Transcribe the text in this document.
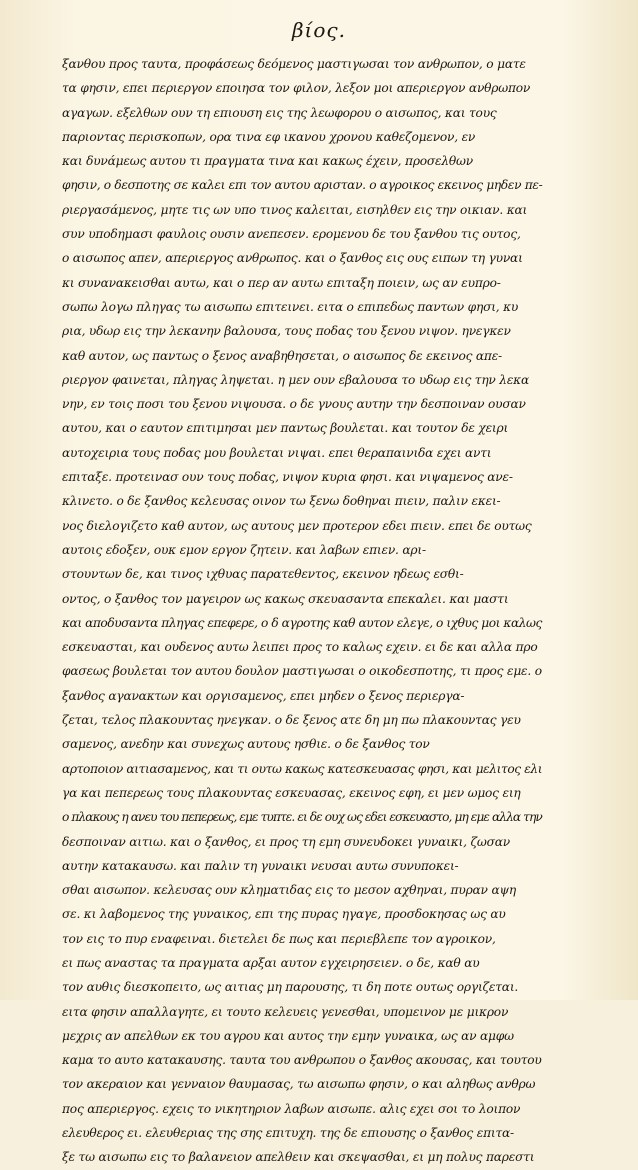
βίος.
ξανθου προς ταυτα, προφάσεως δεόμενος μαστιγωσαι τον ανθρωπον, ο ματε
τα φησιν, επει περιεργον εποιησα τον φιλον, λεξον μοι απεριεργον ανθρωπον
αγαγων. εξελθων ουν τη επιουση εις της λεωφορου ο αισωπος, και τους
παριοντας περισκοπων, ορα τινα εφ ικανου χρονου καθεζομενον, εν
και δυνάμεως αυτου τι πραγματα τινα και κακως έχειν, προσελθων
φησιν, ο δεσποτης σε καλει επι τον αυτου αρισταν. ο αγροικος εκεινος μηδεν πε-
ριεργασάμενος, μητε τις ων υπο τινος καλειται, εισηλθεν εις την οικιαν. και
συν υποδημασι φαυλοις ουσιν ανεπεσεν. ερομενου δε του ξανθου τις ουτος,
ο αισωπος απεν, απεριεργος ανθρωπος. και ο ξανθος εις ους ειπων τη γυναι
κι συνανακεισθαι αυτω, και ο περ αν αυτω επιταξη ποιειν, ως αν ευπρο-
σωπω λογω πληγας τω αισωπω επιτεινει. ειτα ο επιπεδως παντων φησι, κυ
ρια, υδωρ εις την λεκανην βαλουσα, τους ποδας του ξενου νιψον. ηνεγκεν
καθ αυτον, ως παντως ο ξενος αναβηθησεται, ο αισωπος δε εκεινος απε-
ριεργον φαινεται, πληγας ληψεται. η μεν ουν εβαλουσα το υδωρ εις την λεκα
νην, εν τοις ποσι του ξενου νιψουσα. ο δε γνους αυτην την δεσποιναν ουσαν
αυτου, και ο εαυτον επιτιμησαι μεν παντως βουλεται. και τουτον δε χειρι
αυτοχειρια τους ποδας μου βουλεται νιψαι. επει θεραπαινιδα εχει αντι
επιταξε. προτεινασ ουν τους ποδας, νιψον κυρια φησι. και νιψαμενος ανε-
κλινετο. ο δε ξανθος κελευσας οινον τω ξενω δοθηναι πιειν, παλιν εκει-
νος διελογιζετο καθ αυτον, ως αυτους μεν προτερον εδει πιειν. επει δε ουτως
αυτοις εδοξεν, ουκ εμον εργον ζητειν. και λαβων επιεν. αρι-
στουντων δε, και τινος ιχθυας παρατεθεντος, εκεινον ηδεως εσθι-
οντος, ο ξανθος τον μαγειρον ως κακως σκευασαντα επεκαλει. και μαστι
και αποδυσαντα πληγας επεφερε, ο δ αγροτης καθ αυτον ελεγε, ο ιχθυς μοι καλως
εσκευασται, και ουδενος αυτω λειπει προς το καλως εχειν. ει δε και αλλα προ
φασεως βουλεται τον αυτου δουλον μαστιγωσαι ο οικοδεσποτης, τι προς εμε. ο
ξανθος αγανακτων και οργισαμενος, επει μηδεν ο ξενος περιεργα-
ζεται, τελος πλακουντας ηνεγκαν. ο δε ξενος ατε δη μη πω πλακουντας γευ
σαμενος, ανεδην και συνεχως αυτους ησθιε. ο δε ξανθος τον
αρτοποιον αιτιασαμενος, και τι ουτω κακως κατεσκευασας φησι, και μελιτος ελι
γα και πεπερεως τους πλακουντας εσκευασας, εκεινος εφη, ει μεν ωμος ειη
ο πλακους η ανευ του πεπερεως, εμε τυπτε. ει δε ουχ ως εδει εσκευαστο, μη εμε αλλα την
δεσποιναν αιτιω. και ο ξανθος, ει προς τη εμη συνευδοκει γυναικι, ζωσαν
αυτην κατακαυσω. και παλιν τη γυναικι νευσαι αυτω συνυποκει-
σθαι αισωπον. κελευσας ουν κληματιδας εις το μεσον αχθηναι, πυραν αψη
σε. κι λαβομενος της γυναικος, επι της πυρας ηγαγε, προσδοκησας ως αυ
τον εις το πυρ εναφειναι. διετελει δε πως και περιεβλεπε τον αγροικον,
ει πως αναστας τα πραγματα αρξαι αυτον εγχειρησειεν. ο δε, καθ αυ
τον αυθις διεσκοπειτο, ως αιτιας μη παρουσης, τι δη ποτε ουτως οργιζεται.
ειτα φησιν απαλλαγητε, ει τουτο κελευεις γενεσθαι, υπομεινον με μικρον
μεχρις αν απελθων εκ του αγρου και αυτος την εμην γυναικα, ως αν αμφω
καμα το αυτο κατακαυσης. ταυτα του ανθρωπου ο ξανθος ακουσας, και τουτου
τον ακεραιον και γενναιον θαυμασας, τω αισωπω φησιν, ο και αληθως ανθρω
πος απεριεργος. εχεις το νικητηριον λαβων αισωπε. αλις εχει σοι το λοιπον
ελευθερος ει. ελευθεριας της σης επιτυχη. της δε επιουσης ο ξανθος επιτα-
ξε τω αισωπω εις το βαλανειον απελθειν και σκεψασθαι, ει μη πολυς παρεστι
